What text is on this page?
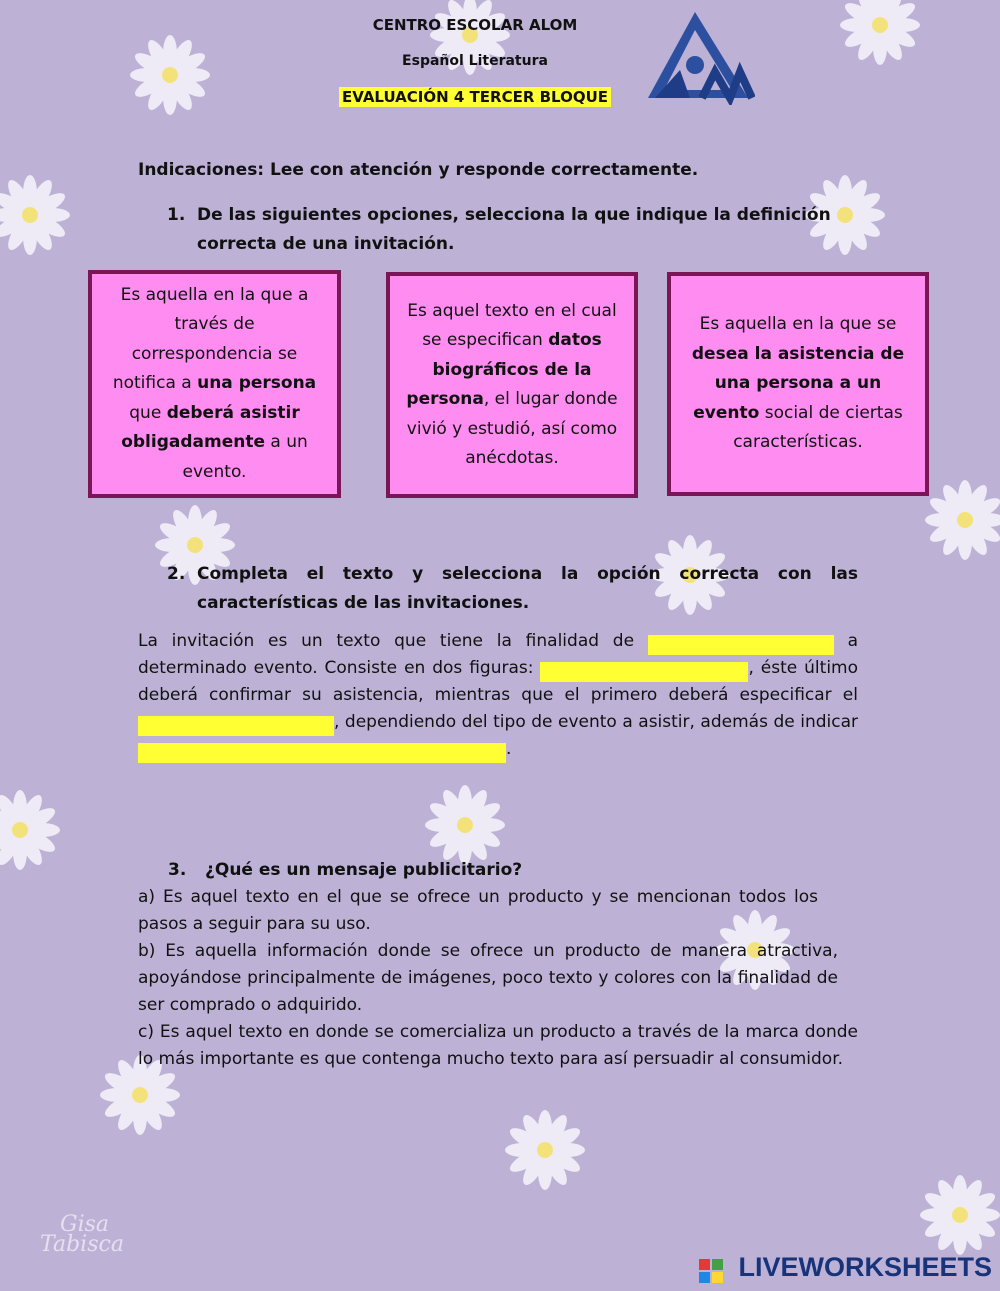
CENTRO ESCOLAR ALOM
Español Literatura
EVALUACIÓN 4 TERCER BLOQUE
Indicaciones: Lee con atención y responde correctamente.
1. De las siguientes opciones, selecciona la que indique la definición
correcta de una invitación.
Es aquella en la que a través de correspondencia se notifica a una persona que deberá asistir obligadamente a un evento.
Es aquel texto en el cual se especifican datos biográficos de la persona, el lugar donde vivió y estudió, así como anécdotas.
Es aquella en la que se desea la asistencia de una persona a un evento social de ciertas características.
2. Completa el texto y selecciona la opción correcta con las
características de las invitaciones.
La invitación es un texto que tiene la finalidad de	a determinado evento. Consiste en dos figuras:	, éste último deberá confirmar su asistencia, mientras que el primero deberá especificar el , dependiendo del tipo de evento a asistir, además de indicar .
3. ¿Qué es un mensaje publicitario?
a) Es aquel texto en el que se ofrece un producto y se mencionan todos los pasos a seguir para su uso.
b) Es aquella información donde se ofrece un producto de manera atractiva, apoyándose principalmente de imágenes, poco texto y colores con la finalidad de ser comprado o adquirido.
c) Es aquel texto en donde se comercializa un producto a través de la marca donde lo más importante es que contenga mucho texto para así persuadir al consumidor.
Gisa
Tabisca
LIVEWORKSHEETS
